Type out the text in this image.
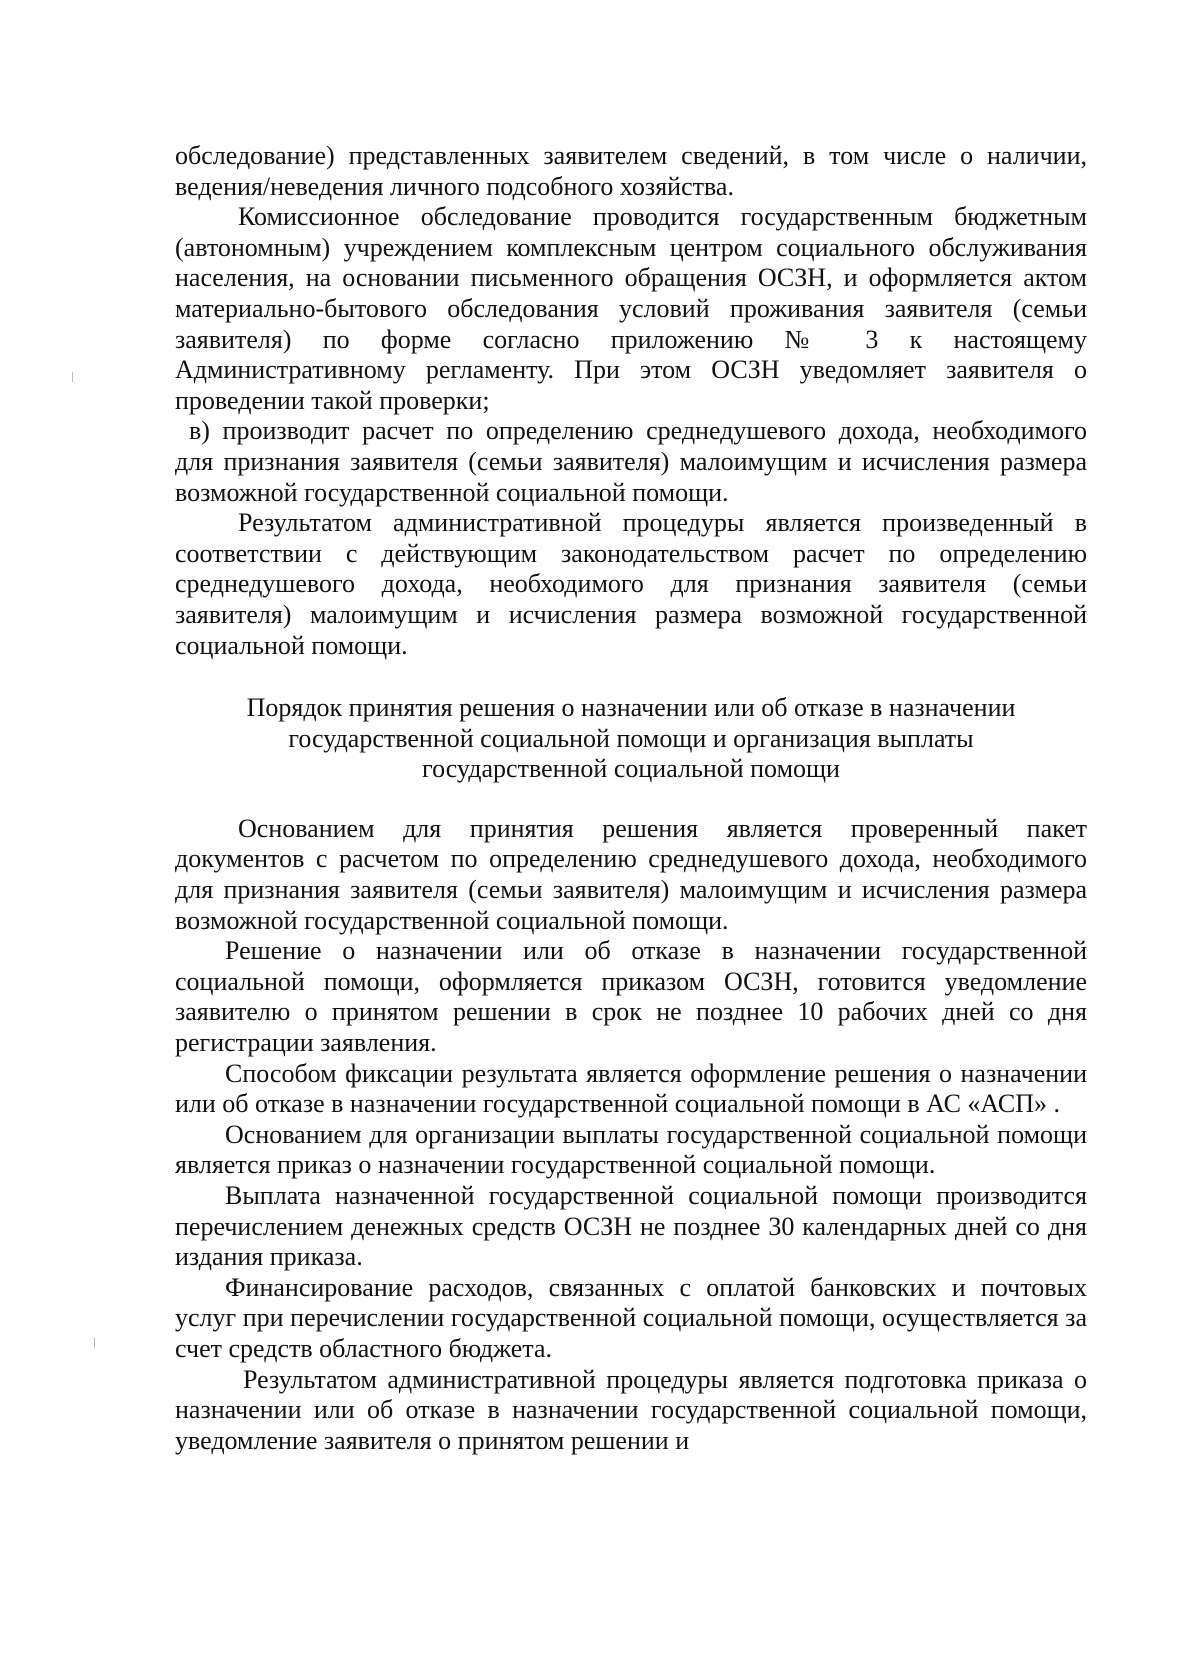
обследование) представленных заявителем сведений, в том числе о наличии, ведения/неведения личного подсобного хозяйства.

Комиссионное обследование проводится государственным бюджетным (автономным) учреждением комплексным центром социального обслуживания населения, на основании письменного обращения ОСЗН, и оформляется актом материально-бытового обследования условий проживания заявителя (семьи заявителя) по форме согласно приложению № 3 к настоящему Административному регламенту. При этом ОСЗН уведомляет заявителя о проведении такой проверки;

в) производит расчет по определению среднедушевого дохода, необходимого для признания заявителя (семьи заявителя) малоимущим и исчисления размера возможной государственной социальной помощи.

Результатом административной процедуры является произведенный в соответствии с действующим законодательством расчет по определению среднедушевого дохода, необходимого для признания заявителя (семьи заявителя) малоимущим и исчисления размера возможной государственной социальной помощи.

Порядок принятия решения о назначении или об отказе в назначении

государственной социальной помощи и организация выплаты

государственной социальной помощи

Основанием для принятия решения является проверенный пакет документов с расчетом по определению среднедушевого дохода, необходимого для признания заявителя (семьи заявителя) малоимущим и исчисления размера возможной государственной социальной помощи.

Решение о назначении или об отказе в назначении государственной социальной помощи, оформляется приказом ОСЗН, готовится уведомление заявителю о принятом решении в срок не позднее 10 рабочих дней со дня регистрации заявления.

Способом фиксации результата является оформление решения о назначении или об отказе в назначении государственной социальной помощи в АС «АСП» .

Основанием для организации выплаты государственной социальной помощи является приказ о назначении государственной социальной помощи.

Выплата назначенной государственной социальной помощи производится перечислением денежных средств ОСЗН не позднее 30 календарных дней со дня издания приказа.

Финансирование расходов, связанных с оплатой банковских и почтовых услуг при перечислении государственной социальной помощи, осуществляется за счет средств областного бюджета.

Результатом административной процедуры является подготовка приказа о назначении или об отказе в назначении государственной социальной помощи, уведомление заявителя о принятом решении и
